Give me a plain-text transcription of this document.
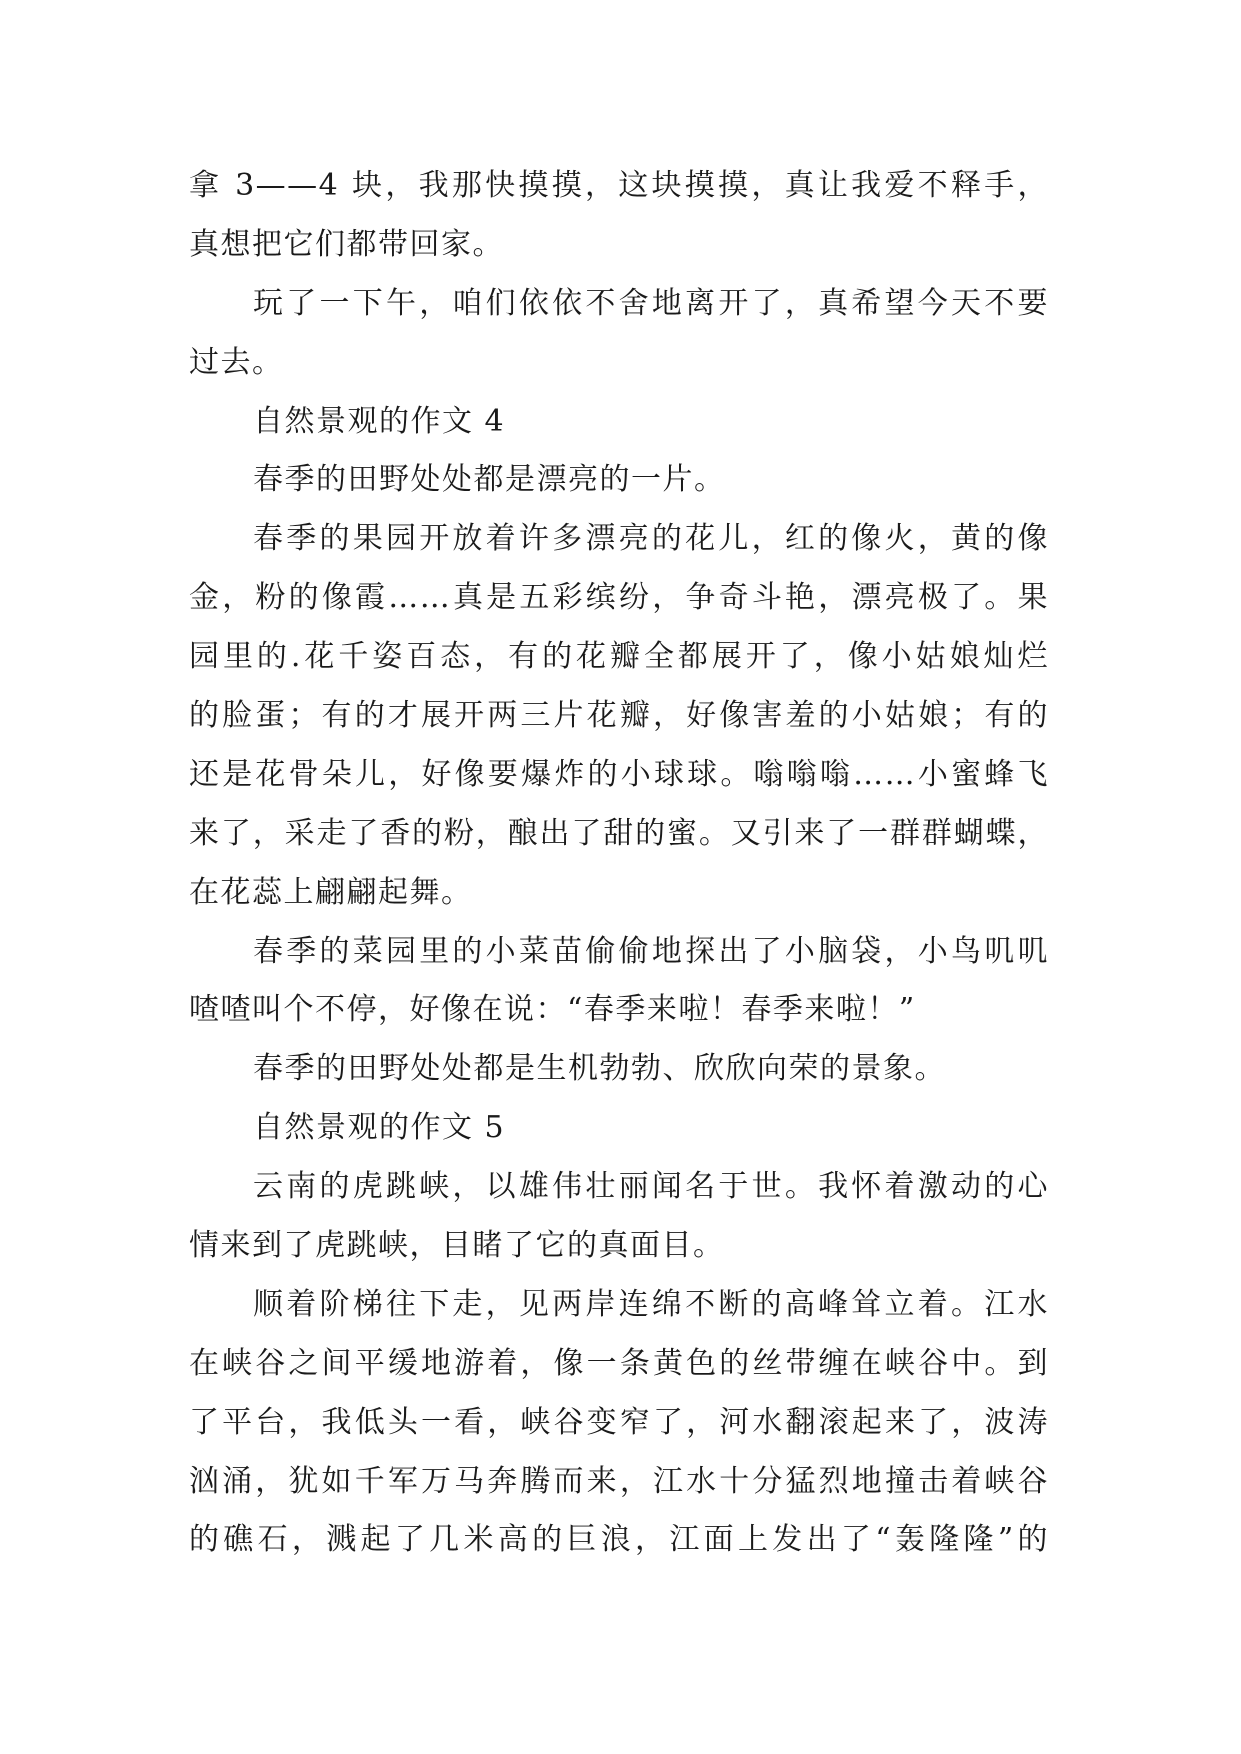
拿 3——4 块，我那快摸摸，这块摸摸，真让我爱不释手，
真想把它们都带回家。
玩了一下午，咱们依依不舍地离开了，真希望今天不要
过去。
自然景观的作文 4
春季的田野处处都是漂亮的一片。
春季的果园开放着许多漂亮的花儿，红的像火，黄的像
金，粉的像霞……真是五彩缤纷，争奇斗艳，漂亮极了。果
园里的.花千姿百态，有的花瓣全都展开了，像小姑娘灿烂
的脸蛋；有的才展开两三片花瓣，好像害羞的小姑娘；有的
还是花骨朵儿，好像要爆炸的小球球。嗡嗡嗡……小蜜蜂飞
来了，采走了香的粉，酿出了甜的蜜。又引来了一群群蝴蝶，
在花蕊上翩翩起舞。
春季的菜园里的小菜苗偷偷地探出了小脑袋，小鸟叽叽
喳喳叫个不停，好像在说：“春季来啦！春季来啦！”
春季的田野处处都是生机勃勃、欣欣向荣的景象。
自然景观的作文 5
云南的虎跳峡，以雄伟壮丽闻名于世。我怀着激动的心
情来到了虎跳峡，目睹了它的真面目。
顺着阶梯往下走，见两岸连绵不断的高峰耸立着。江水
在峡谷之间平缓地游着，像一条黄色的丝带缠在峡谷中。到
了平台，我低头一看，峡谷变窄了，河水翻滚起来了，波涛
汹涌，犹如千军万马奔腾而来，江水十分猛烈地撞击着峡谷
的礁石，溅起了几米高的巨浪，江面上发出了“轰隆隆”的
